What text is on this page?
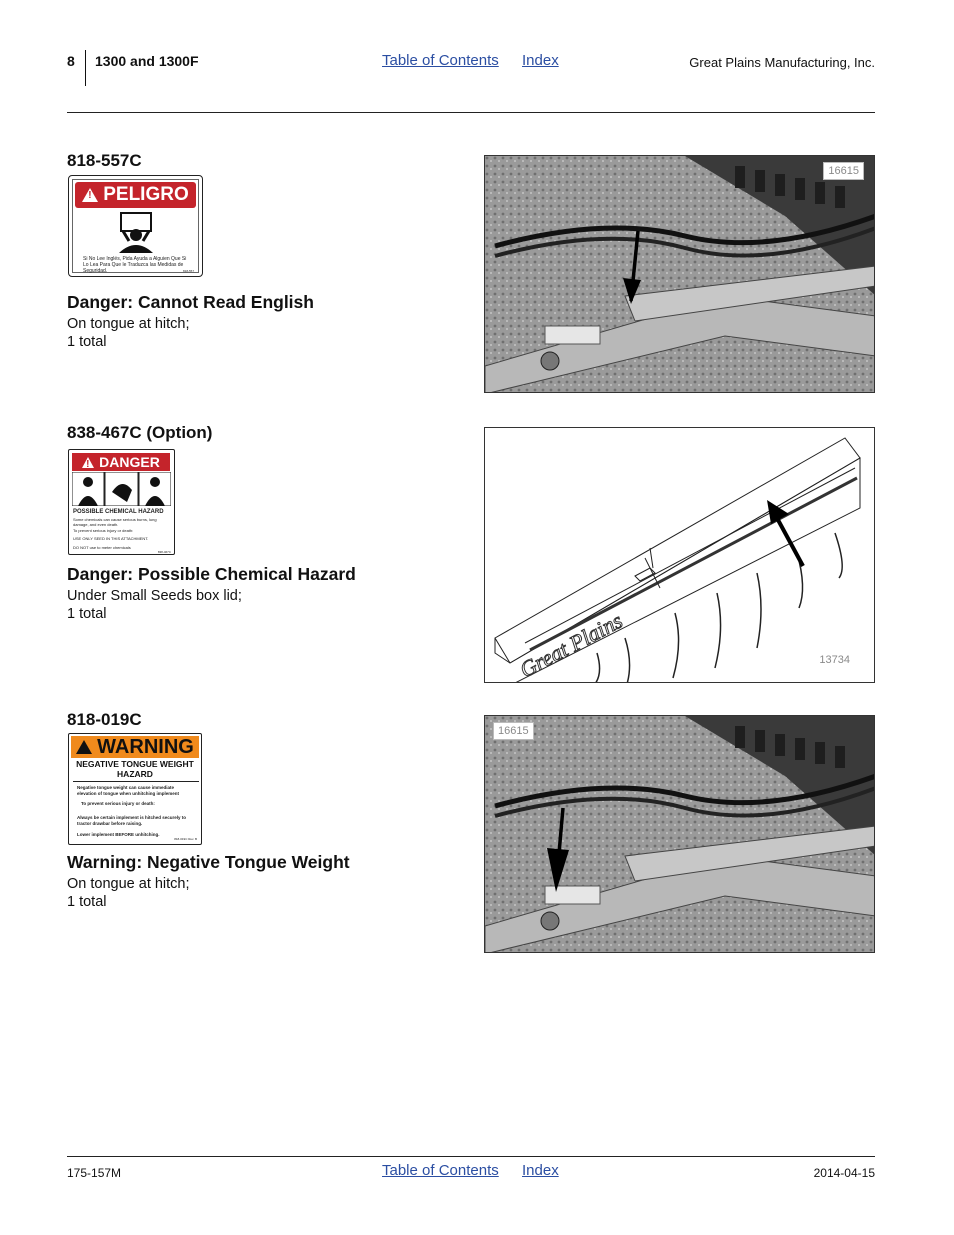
8 1300 and 1300F	Table of Contents Index	Great Plains Manufacturing, Inc.
818-557C
!
PELIGRO
Si No Lee Inglés, Pida Ayuda a Alguien Que Si Lo Lea Para Que le Traduzca las Medidas de Seguridad.	818-557
Danger: Cannot Read English
On tongue at hitch;
1 total
16615
838-467C (Option)
!
DANGER
POSSIBLE CHEMICAL HAZARD
Some chemicals can cause serious burns, lung damage, and even death.
To prevent serious injury or death:
USE ONLY SEED IN THIS ATTACHMENT.
DO NOT use to meter chemicals
838-467C
Danger: Possible Chemical Hazard
Under Small Seeds box lid;
1 total	Great Plains	13734
818-019C
!
WARNING
NEGATIVE TONGUE WEIGHT
HAZARD
Negative tongue weight can cause immediate elevation of tongue when unhitching implement
To prevent serious injury or death:
Always be certain implement is hitched securely to tractor drawbar before raising.
Lower implement BEFORE unhitching.
818-019C Rev. B
Warning: Negative Tongue Weight
On tongue at hitch;
1 total
16615
175-157M	Table of Contents Index	2014-04-15
